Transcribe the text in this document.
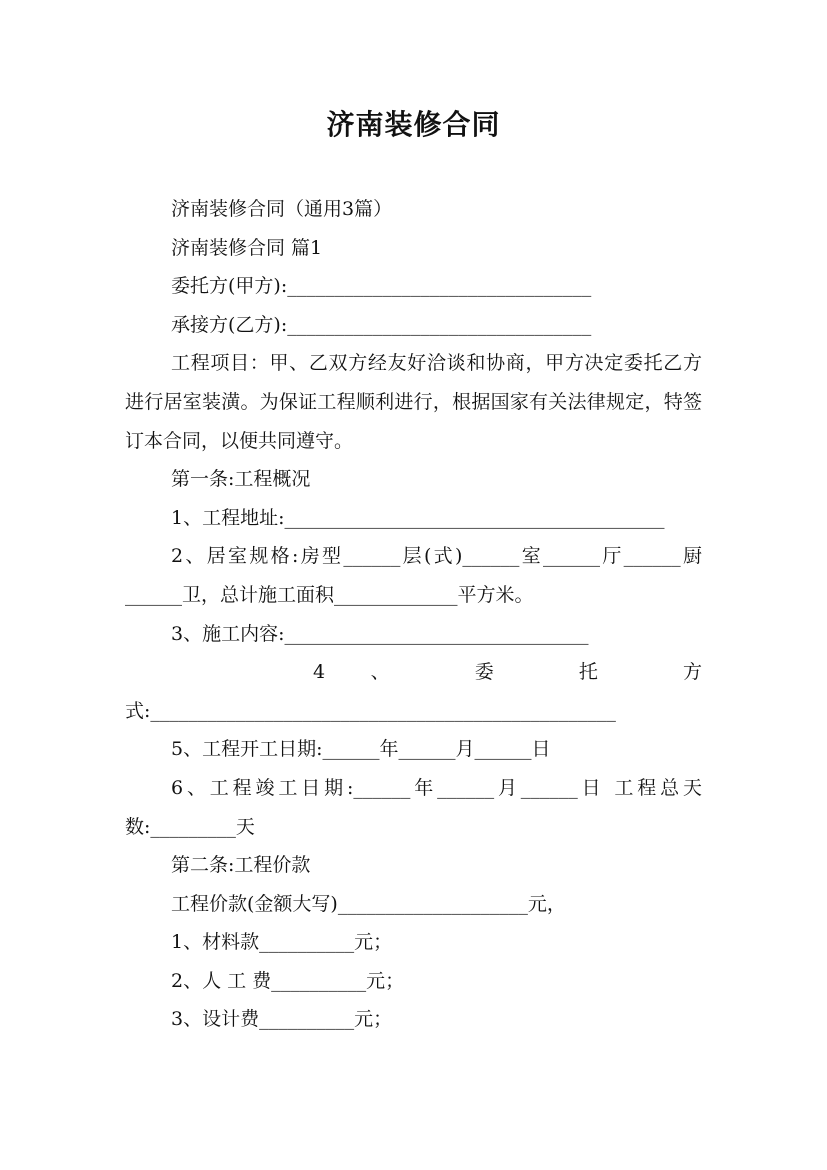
济南装修合同

济南装修合同（通用3篇）

济南装修合同 篇1

委托方(甲方):________________________________

承接方(乙方):________________________________

工程项目：甲、乙双方经友好洽谈和协商，甲方决定委托乙方进行居室装潢。为保证工程顺利进行，根据国家有关法律规定，特签订本合同，以便共同遵守。

第一条:工程概况

1、工程地址:________________________________________

2、居室规格:房型______层(式)______室______厅______厨______卫，总计施工面积_____________平方米。

3、施工内容:________________________________

4 、 委 托 方

式:_________________________________________________

5、工程开工日期:______年______月______日

6、工程竣工日期:______年______月______日 工程总天数:_________天

第二条:工程价款

工程价款(金额大写)____________________元，

1、材料款__________元；

2、人 工 费__________元；

3、设计费__________元；
